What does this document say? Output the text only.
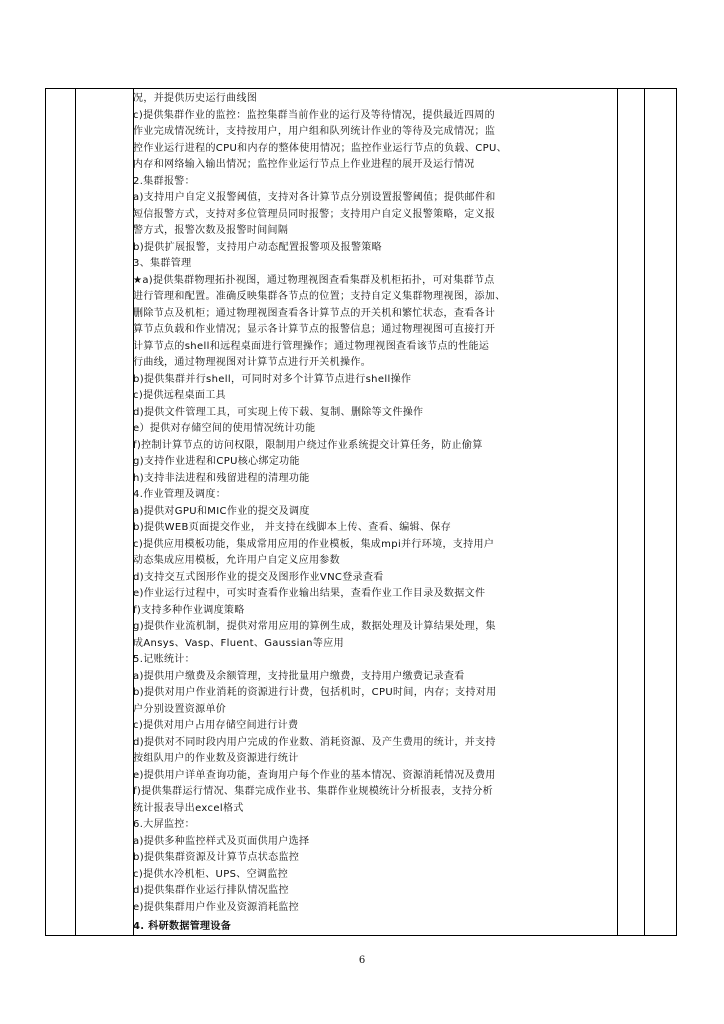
况，并提供历史运行曲线图
c)提供集群作业的监控：监控集群当前作业的运行及等待情况，提供最近四周的
作业完成情况统计，支持按用户，用户组和队列统计作业的等待及完成情况；监
控作业运行进程的CPU和内存的整体使用情况；监控作业运行节点的负载、CPU、
内存和网络输入输出情况；监控作业运行节点上作业进程的展开及运行情况
2.集群报警：
a)支持用户自定义报警阈值，支持对各计算节点分别设置报警阈值；提供邮件和
短信报警方式，支持对多位管理员同时报警；支持用户自定义报警策略，定义报
警方式，报警次数及报警时间间隔
b)提供扩展报警，支持用户动态配置报警项及报警策略
3、集群管理
★a)提供集群物理拓扑视图，通过物理视图查看集群及机柜拓扑，可对集群节点
进行管理和配置。准确反映集群各节点的位置；支持自定义集群物理视图，添加、
删除节点及机柜；通过物理视图查看各计算节点的开关机和繁忙状态，查看各计
算节点负载和作业情况；显示各计算节点的报警信息；通过物理视图可直接打开
计算节点的shell和远程桌面进行管理操作；通过物理视图查看该节点的性能运
行曲线，通过物理视图对计算节点进行开关机操作。
b)提供集群并行shell，可同时对多个计算节点进行shell操作
c)提供远程桌面工具
d)提供文件管理工具，可实现上传下载、复制、删除等文件操作
e）提供对存储空间的使用情况统计功能
f)控制计算节点的访问权限，限制用户绕过作业系统提交计算任务，防止偷算
g)支持作业进程和CPU核心绑定功能
h)支持非法进程和残留进程的清理功能
4.作业管理及调度：
a)提供对GPU和MIC作业的提交及调度
b)提供WEB页面提交作业， 并支持在线脚本上传、查看、编辑、保存
c)提供应用模板功能，集成常用应用的作业模板，集成mpi并行环境，支持用户
动态集成应用模板，允许用户自定义应用参数
d)支持交互式图形作业的提交及图形作业VNC登录查看
e)作业运行过程中，可实时查看作业输出结果，查看作业工作目录及数据文件
f)支持多种作业调度策略
g)提供作业流机制，提供对常用应用的算例生成，数据处理及计算结果处理，集
成Ansys、Vasp、Fluent、Gaussian等应用
5.记账统计：
a)提供用户缴费及余额管理，支持批量用户缴费，支持用户缴费记录查看
b)提供对用户作业消耗的资源进行计费，包括机时，CPU时间，内存；支持对用
户分别设置资源单价
c)提供对用户占用存储空间进行计费
d)提供对不同时段内用户完成的作业数、消耗资源、及产生费用的统计，并支持
按组队用户的作业数及资源进行统计
e)提供用户详单查询功能，查询用户每个作业的基本情况、资源消耗情况及费用
f)提供集群运行情况、集群完成作业书、集群作业规模统计分析报表，支持分析
统计报表导出excel格式
6.大屏监控：
a)提供多种监控样式及页面供用户选择
b)提供集群资源及计算节点状态监控
c)提供水冷机柜、UPS、空调监控
d)提供集群作业运行排队情况监控
e)提供集群用户作业及资源消耗监控
4. 科研数据管理设备
6
